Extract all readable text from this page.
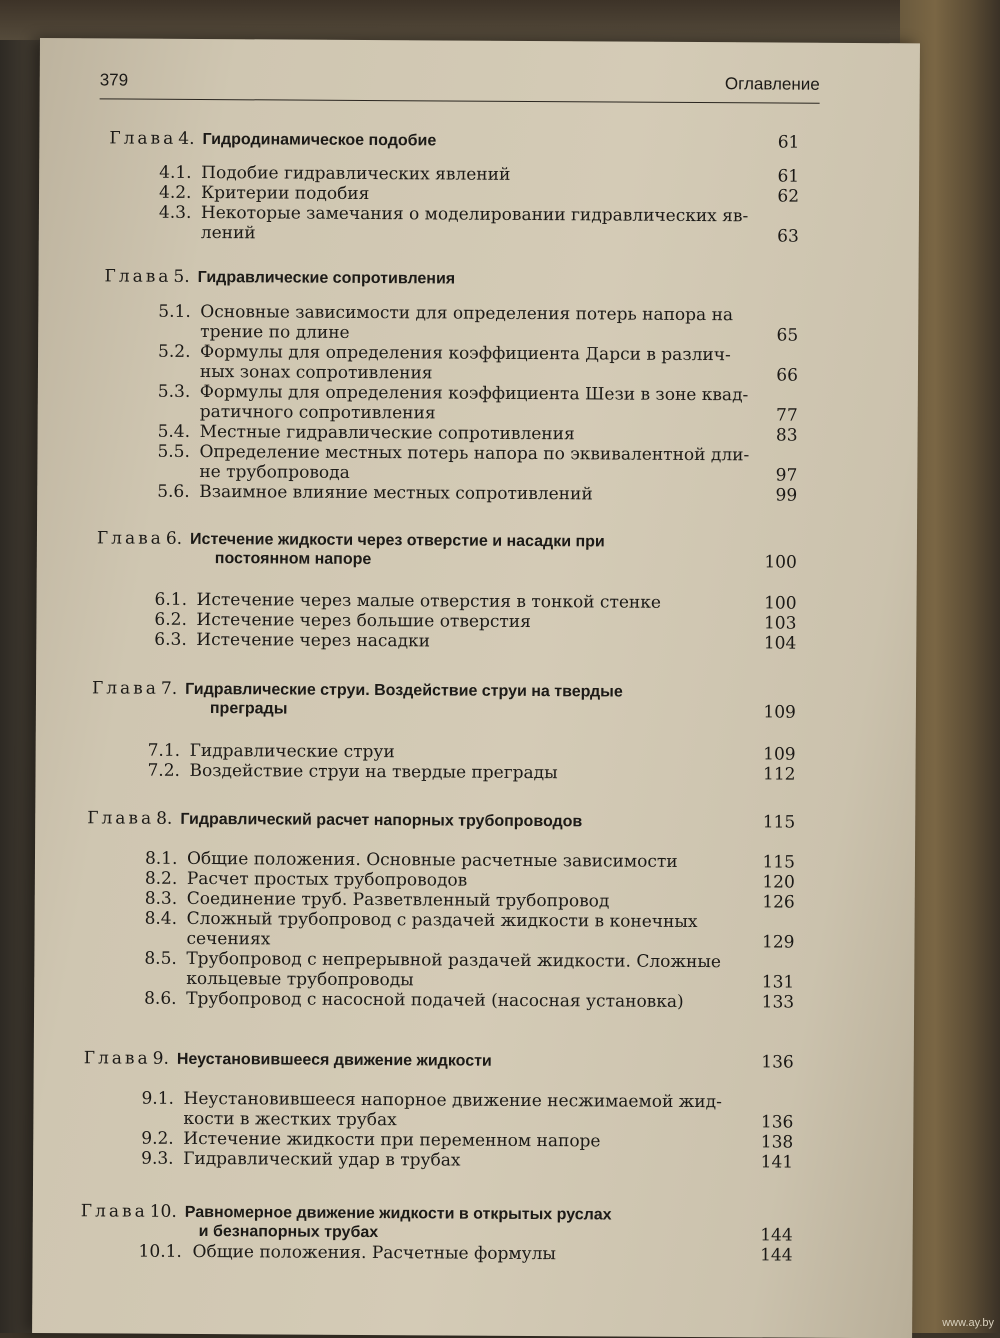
379	Оглавление
Глава 4. Гидродинамическое подобие	61
4.1. Подобие гидравлических явлений	61
4.2. Критерии подобия	62
4.3. Некоторые замечания о моделировании гидравлических яв-
лений	63
Глава 5. Гидравлические сопротивления
5.1. Основные зависимости для определения потерь напора на
трение по длине	65
5.2. Формулы для определения коэффициента Дарси в различ-
ных зонах сопротивления	66
5.3. Формулы для определения коэффициента Шези в зоне квад-
ратичного сопротивления	77
5.4. Местные гидравлические сопротивления	83
5.5. Определение местных потерь напора по эквивалентной дли-
не трубопровода	97
5.6. Взаимное влияние местных сопротивлений	99
Глава 6. Истечение жидкости через отверстие и насадки при
постоянном напоре	100
6.1. Истечение через малые отверстия в тонкой стенке	100
6.2. Истечение через большие отверстия	103
6.3. Истечение через насадки	104
Глава 7. Гидравлические струи. Воздействие струи на твердые
преграды	109
7.1. Гидравлические струи	109
7.2. Воздействие струи на твердые преграды	112
Глава 8. Гидравлический расчет напорных трубопроводов	115
8.1. Общие положения. Основные расчетные зависимости	115
8.2. Расчет простых трубопроводов	120
8.3. Соединение труб. Разветвленный трубопровод	126
8.4. Сложный трубопровод с раздачей жидкости в конечных
сечениях	129
8.5. Трубопровод с непрерывной раздачей жидкости. Сложные
кольцевые трубопроводы	131
8.6. Трубопровод с насосной подачей (насосная установка)	133
Глава 9. Неустановившееся движение жидкости	136
9.1. Неустановившееся напорное движение несжимаемой жид-
кости в жестких трубах	136
9.2. Истечение жидкости при переменном напоре	138
9.3. Гидравлический удар в трубах	141
Глава 10. Равномерное движение жидкости в открытых руслах
и безнапорных трубах	144
10.1. Общие положения. Расчетные формулы	144
www.ay.by
